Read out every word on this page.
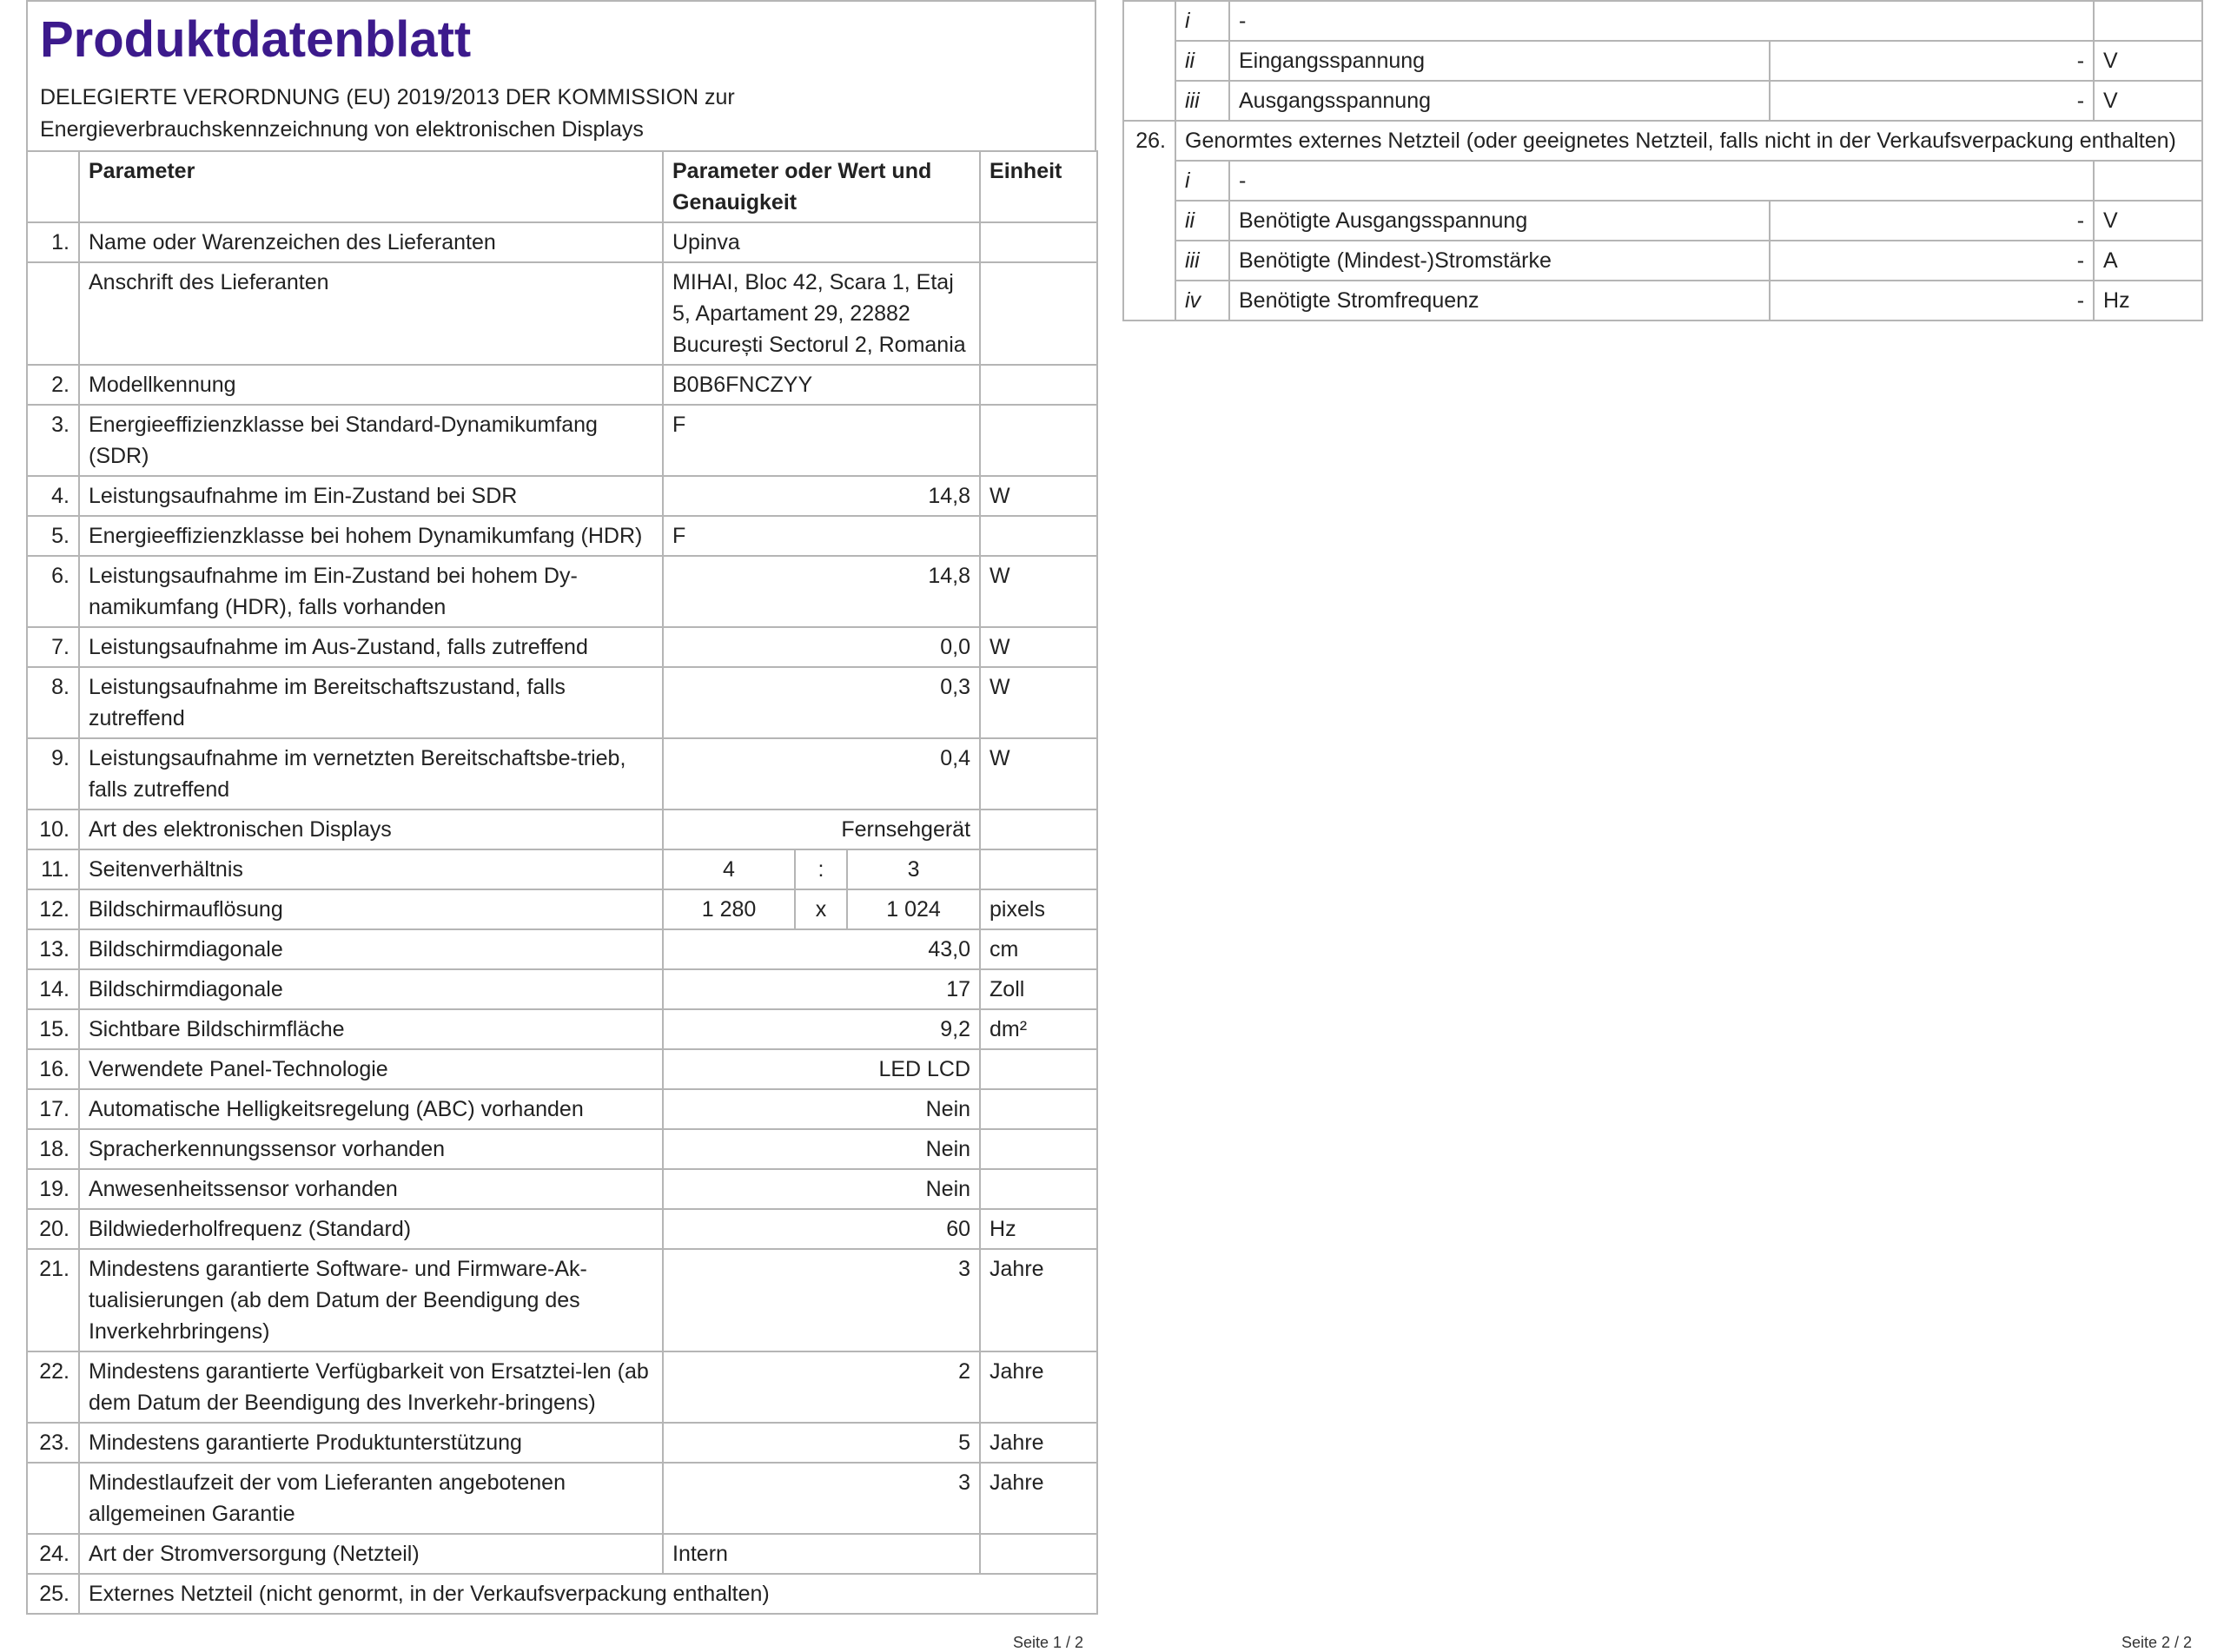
Produktdatenblatt
DELEGIERTE VERORDNUNG (EU) 2019/2013 DER KOMMISSION zur
Energieverbrauchskennzeichnung von elektronischen Displays
	Parameter	Parameter oder Wert und Genauigkeit			Einheit
1.	Name oder Warenzeichen des Lieferanten	Upinva			
	Anschrift des Lieferanten	MIHAI, Bloc 42, Scara 1, Etaj 5, Apartament 29, 22882 București Sectorul 2, Romania			
2.	Modellkennung	B0B6FNCZYY			
3.	Energieeffizienzklasse bei Standard-Dynamikumfang (SDR)	F			
4.	Leistungsaufnahme im Ein-Zustand bei SDR	14,8			W
5.	Energieeffizienzklasse bei hohem Dynamikumfang (HDR)	F			
6.	Leistungsaufnahme im Ein-Zustand bei hohem Dy-namikumfang (HDR), falls vorhanden	14,8			W
7.	Leistungsaufnahme im Aus-Zustand, falls zutreffend	0,0			W
8.	Leistungsaufnahme im Bereitschaftszustand, falls zutreffend	0,3			W
9.	Leistungsaufnahme im vernetzten Bereitschaftsbe-trieb, falls zutreffend	0,4			W
10.	Art des elektronischen Displays	Fernsehgerät			
11.	Seitenverhältnis	4	:	3	
12.	Bildschirmauflösung	1 280	x	1 024	pixels
13.	Bildschirmdiagonale	43,0			cm
14.	Bildschirmdiagonale	17			Zoll
15.	Sichtbare Bildschirmfläche	9,2			dm²
16.	Verwendete Panel-Technologie	LED LCD			
17.	Automatische Helligkeitsregelung (ABC) vorhanden	Nein			
18.	Spracherkennungssensor vorhanden	Nein			
19.	Anwesenheitssensor vorhanden	Nein			
20.	Bildwiederholfrequenz (Standard)	60			Hz
21.	Mindestens garantierte Software- und Firmware-Ak-tualisierungen (ab dem Datum der Beendigung des Inverkehrbringens)	3			Jahre
22.	Mindestens garantierte Verfügbarkeit von Ersatztei-len (ab dem Datum der Beendigung des Inverkehr-bringens)	2			Jahre
23.	Mindestens garantierte Produktunterstützung	5			Jahre
	Mindestlaufzeit der vom Lieferanten angebotenen allgemeinen Garantie	3			Jahre
24.	Art der Stromversorgung (Netzteil)	Intern			
25.	Externes Netzteil (nicht genormt, in der Verkaufsverpackung enthalten)				
Seite 1 / 2
	i	-		
	ii	Eingangsspannung	-	V
	iii	Ausgangsspannung	-	V
26.	Genormtes externes Netzteil (oder geeignetes Netzteil, falls nicht in der Verkaufsverpackung enthalten)			
	i	-		
	ii	Benötigte Ausgangsspannung	-	V
	iii	Benötigte (Mindest-)Stromstärke	-	A
	iv	Benötigte Stromfrequenz	-	Hz
Seite 2 / 2
